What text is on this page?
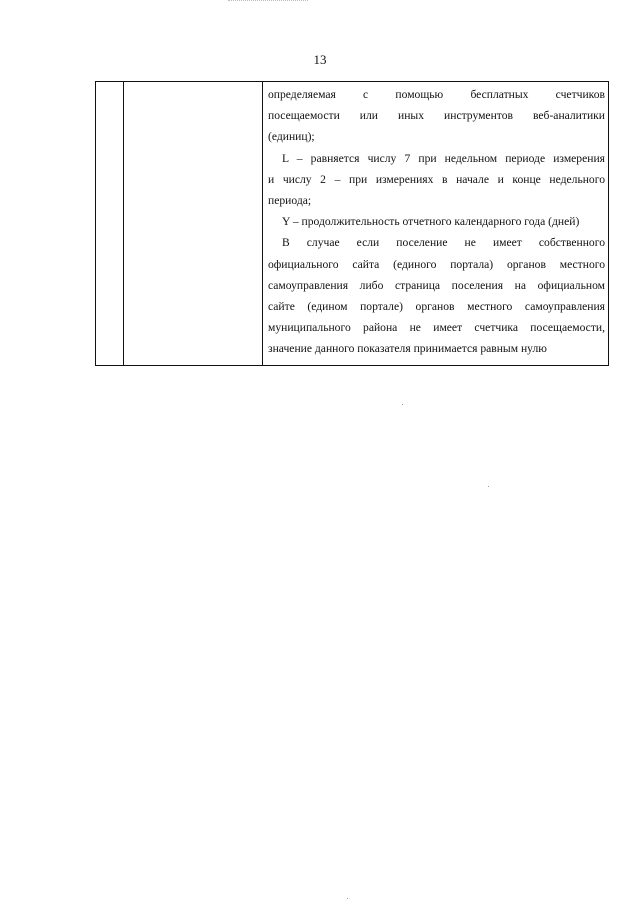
13
определяемая с помощью бесплатных счетчиков
посещаемости или иных инструментов веб-аналитики
(единиц);
L – равняется числу 7 при недельном периоде измерения
и числу 2 – при измерениях в начале и конце недельного
периода;
Y – продолжительность отчетного календарного года (дней)
В случае если поселение не имеет собственного
официального сайта (единого портала) органов местного
самоуправления либо страница поселения на официальном
сайте (едином портале) органов местного самоуправления
муниципального района не имеет счетчика посещаемости,
значение данного показателя принимается равным нулю
